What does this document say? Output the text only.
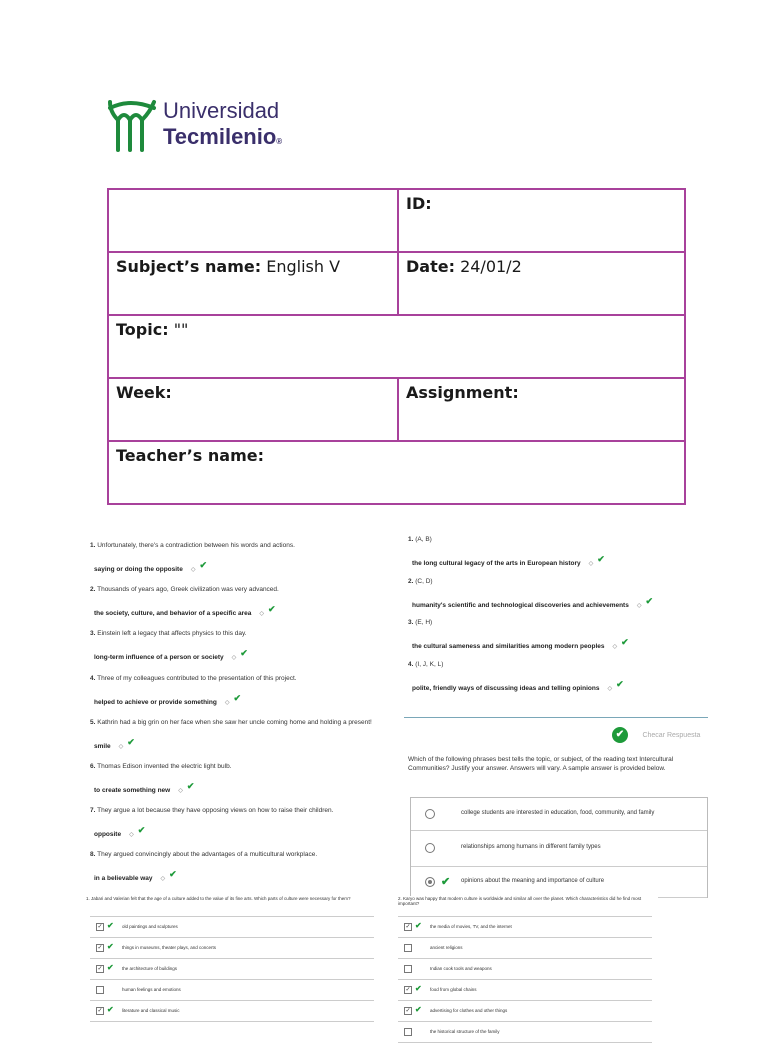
Universidad
Tecmilenio®
	ID:
Subject’s name: English V	Date: 24/01/2
Topic: ""	
Week:	Assignment:
Teacher’s name:	

1. Unfortunately, there's a contradiction between his words and actions.

saying or doing the opposite ◇ ✔

2. Thousands of years ago, Greek civilization was very advanced.

the society, culture, and behavior of a specific area ◇ ✔

3. Einstein left a legacy that affects physics to this day.

long-term influence of a person or society ◇ ✔

4. Three of my colleagues contributed to the presentation of this project.

helped to achieve or provide something ◇ ✔

5. Kathrin had a big grin on her face when she saw her uncle coming home and holding a present!

smile ◇ ✔

6. Thomas Edison invented the electric light bulb.

to create something new ◇ ✔

7. They argue a lot because they have opposing views on how to raise their children.

opposite ◇ ✔

8. They argued convincingly about the advantages of a multicultural workplace.

in a believable way ◇ ✔

1. (A, B)

the long cultural legacy of the arts in European history ◇ ✔

2. (C, D)

humanity's scientific and technological discoveries and achievements ◇ ✔

3. (E, H)

the cultural sameness and similarities among modern peoples ◇ ✔

4. (I, J, K, L)

polite, friendly ways of discussing ideas and telling opinions ◇ ✔
✔	Checar Respuesta

Which of the following phrases best tells the topic, or subject, of the reading text Intercultural Communities? Justify your answer. Answers will vary. A sample answer is provided below.

college students are interested in education, food, community, and family
relationships among humans in different family types
✔ opinions about the meaning and importance of culture

1. Jabari and Valerian felt that the age of a culture added to the value of its fine arts. Which parts of culture were necessary for them?

✓ ✔ old paintings and sculptures
✓ ✔ things in museums, theater plays, and concerts
✓ ✔ the architecture of buildings
human feelings and emotions
✓ ✔ literature and classical music

2. Karyo was happy that modern culture is worldwide and similar all over the planet. Which characteristics did he find most important?

✓ ✔ the media of movies, TV, and the internet
ancient religions
Indian cook tools and weapons
✓ ✔ food from global chains
✓ ✔ advertising for clothes and other things
the historical structure of the family
